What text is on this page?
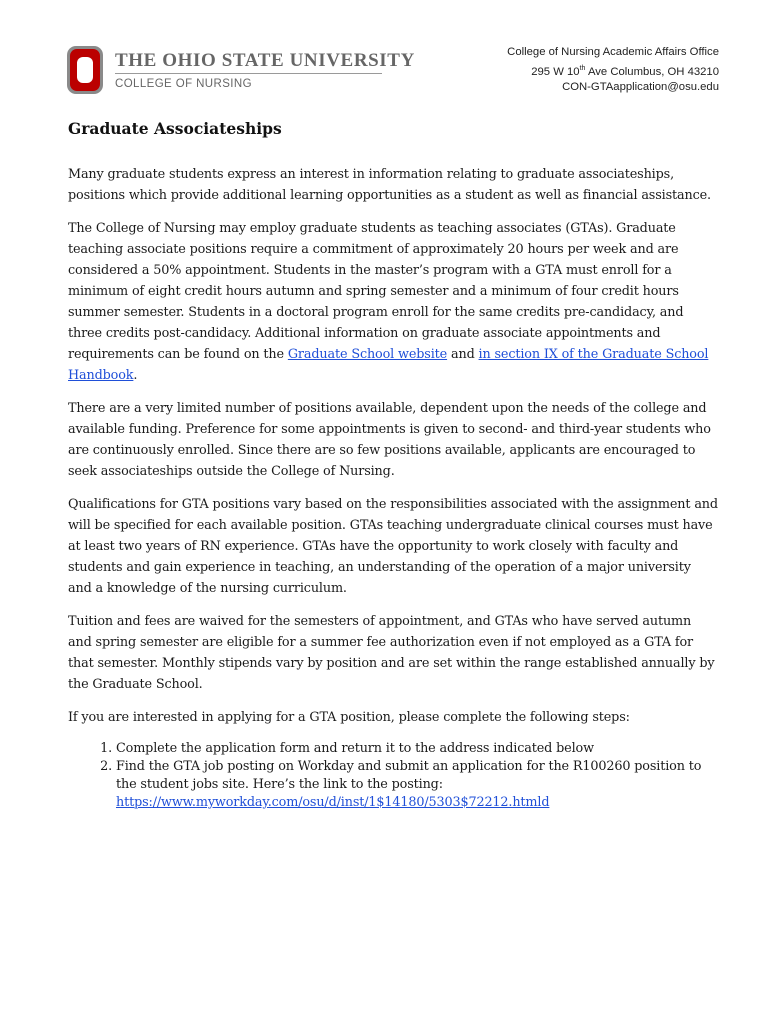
THE OHIO STATE UNIVERSITY
COLLEGE OF NURSING
College of Nursing Academic Affairs Office
295 W 10th Ave Columbus, OH 43210
CON-GTAapplication@osu.edu
Graduate Associateships

Many graduate students express an interest in information relating to graduate associateships, positions which provide additional learning opportunities as a student as well as financial assistance.

The College of Nursing may employ graduate students as teaching associates (GTAs). Graduate teaching associate positions require a commitment of approximately 20 hours per week and are considered a 50% appointment. Students in the master’s program with a GTA must enroll for a minimum of eight credit hours autumn and spring semester and a minimum of four credit hours summer semester. Students in a doctoral program enroll for the same credits pre-candidacy, and three credits post-candidacy. Additional information on graduate associate appointments and requirements can be found on the Graduate School website and in section IX of the Graduate School Handbook.

There are a very limited number of positions available, dependent upon the needs of the college and available funding. Preference for some appointments is given to second- and third-year students who are continuously enrolled. Since there are so few positions available, applicants are encouraged to seek associateships outside the College of Nursing.

Qualifications for GTA positions vary based on the responsibilities associated with the assignment and will be specified for each available position. GTAs teaching undergraduate clinical courses must have at least two years of RN experience. GTAs have the opportunity to work closely with faculty and students and gain experience in teaching, an understanding of the operation of a major university and a knowledge of the nursing curriculum.

Tuition and fees are waived for the semesters of appointment, and GTAs who have served autumn and spring semester are eligible for a summer fee authorization even if not employed as a GTA for that semester. Monthly stipends vary by position and are set within the range established annually by the Graduate School.

If you are interested in applying for a GTA position, please complete the following steps:

1. Complete the application form and return it to the address indicated below
2. Find the GTA job posting on Workday and submit an application for the R100260 position to the student jobs site. Here’s the link to the posting:
https://www.myworkday.com/osu/d/inst/1$14180/5303$72212.htmld
